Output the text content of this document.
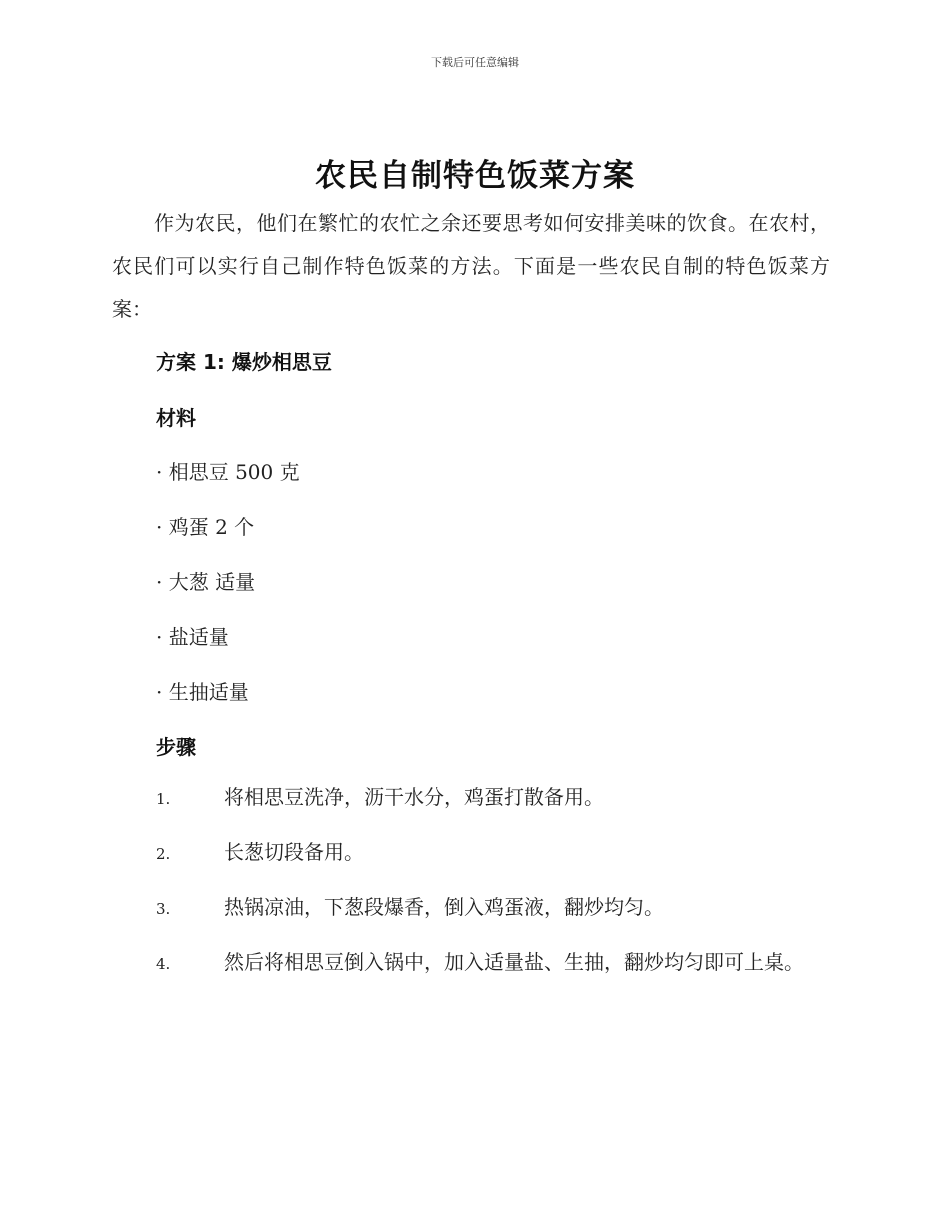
下载后可任意编辑
农民自制特色饭菜方案
作为农民，他们在繁忙的农忙之余还要思考如何安排美味的饮食。在农村，农民们可以实行自己制作特色饭菜的方法。下面是一些农民自制的特色饭菜方案：
方案 1: 爆炒相思豆
材料
· 相思豆 500 克
· 鸡蛋 2 个
· 大葱 适量
· 盐适量
· 生抽适量
步骤
1.	将相思豆洗净，沥干水分，鸡蛋打散备用。
2.	长葱切段备用。
3.	热锅凉油，下葱段爆香，倒入鸡蛋液，翻炒均匀。
4.	然后将相思豆倒入锅中，加入适量盐、生抽，翻炒均匀即可上桌。
